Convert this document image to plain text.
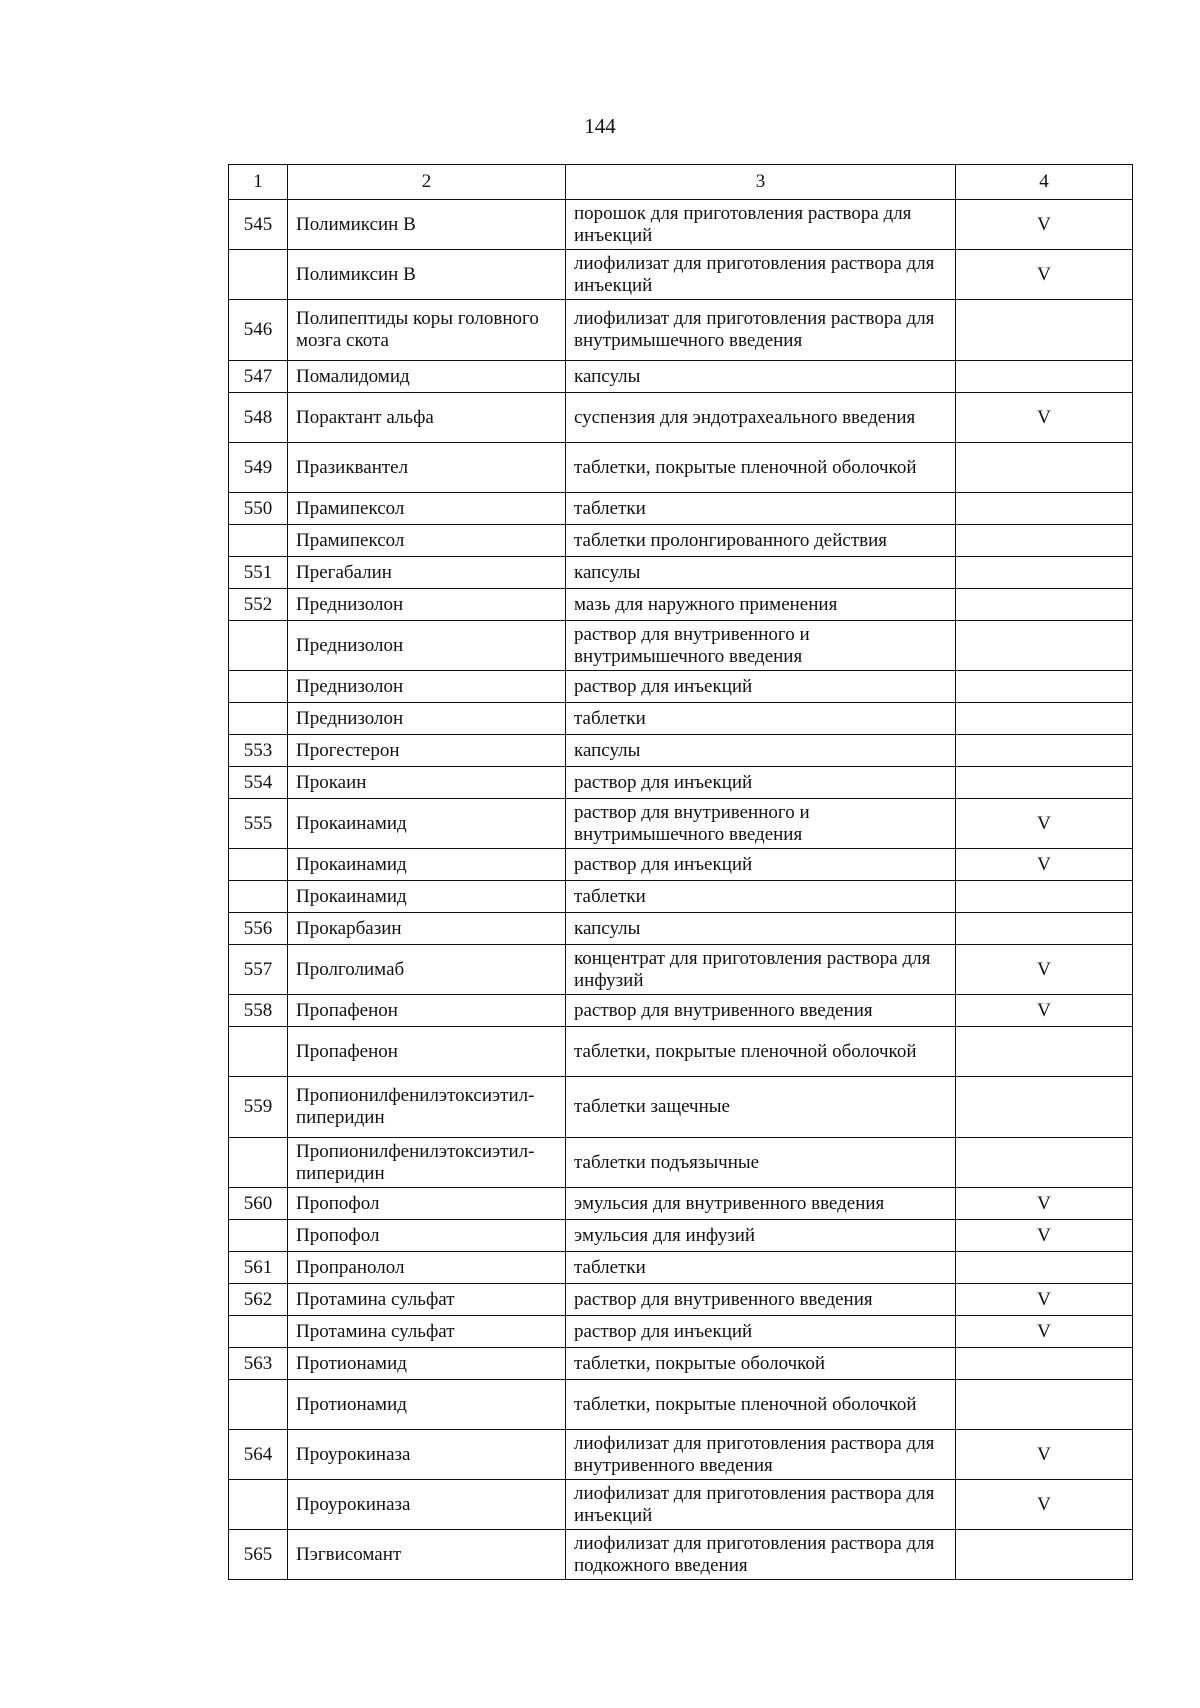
144
1	2	3	4
545	Полимиксин B	порошок для приготовления раствора для инъекций	V
	Полимиксин B	лиофилизат для приготовления раствора для инъекций	V
546	Полипептиды коры головного мозга скота	лиофилизат для приготовления раствора для внутримышечного введения	
547	Помалидомид	капсулы	
548	Порактант альфа	суспензия для эндотрахеального введения	V
549	Празиквантел	таблетки, покрытые пленочной оболочкой	
550	Прамипексол	таблетки	
	Прамипексол	таблетки пролонгированного действия	
551	Прегабалин	капсулы	
552	Преднизолон	мазь для наружного применения	
	Преднизолон	раствор для внутривенного и внутримышечного введения	
	Преднизолон	раствор для инъекций	
	Преднизолон	таблетки	
553	Прогестерон	капсулы	
554	Прокаин	раствор для инъекций	
555	Прокаинамид	раствор для внутривенного и внутримышечного введения	V
	Прокаинамид	раствор для инъекций	V
	Прокаинамид	таблетки	
556	Прокарбазин	капсулы	
557	Пролголимаб	концентрат для приготовления раствора для инфузий	V
558	Пропафенон	раствор для внутривенного введения	V
	Пропафенон	таблетки, покрытые пленочной оболочкой	
559	Пропионилфенилэтоксиэтил-пиперидин	таблетки защечные	
	Пропионилфенилэтоксиэтил-пиперидин	таблетки подъязычные	
560	Пропофол	эмульсия для внутривенного введения	V
	Пропофол	эмульсия для инфузий	V
561	Пропранолол	таблетки	
562	Протамина сульфат	раствор для внутривенного введения	V
	Протамина сульфат	раствор для инъекций	V
563	Протионамид	таблетки, покрытые оболочкой	
	Протионамид	таблетки, покрытые пленочной оболочкой	
564	Проурокиназа	лиофилизат для приготовления раствора для внутривенного введения	V
	Проурокиназа	лиофилизат для приготовления раствора для инъекций	V
565	Пэгвисомант	лиофилизат для приготовления раствора для подкожного введения	
